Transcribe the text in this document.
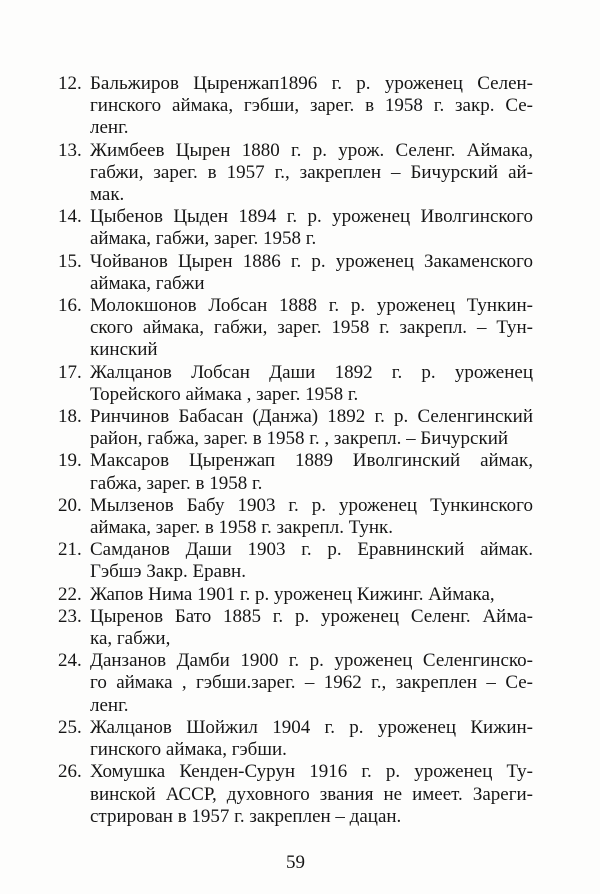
12. Бальжиров Цыренжап1896 г. р. уроженец Селен-
гинского аймака, гэбши, зарег. в 1958 г. закр. Се-
ленг.
13. Жимбеев Цырен 1880 г. р. урож. Селенг. Аймака,
габжи, зарег. в 1957 г., закреплен – Бичурский ай-
мак.
14. Цыбенов Цыден 1894 г. р. уроженец Иволгинского
аймака, габжи, зарег. 1958 г.
15. Чойванов Цырен 1886 г. р. уроженец Закаменского
аймака, габжи
16. Молокшонов Лобсан 1888 г. р. уроженец Тункин-
ского аймака, габжи, зарег. 1958 г. закрепл. – Тун-
кинский
17. Жалцанов Лобсан Даши 1892 г. р. уроженец
Торейского аймака , зарег. 1958 г.
18. Ринчинов Бабасан (Данжа) 1892 г. р. Селенгинский
район, габжа, зарег. в 1958 г. , закрепл. – Бичурский
19. Максаров Цыренжап 1889 Иволгинский аймак,
габжа, зарег. в 1958 г.
20. Мылзенов Бабу 1903 г. р. уроженец Тункинского
аймака, зарег. в 1958 г. закрепл. Тунк.
21. Самданов Даши 1903 г. р. Еравнинский аймак.
Гэбшэ Закр. Еравн.
22. Жапов Нима 1901 г. р. уроженец Кижинг. Аймака,
23. Цыренов Бато 1885 г. р. уроженец Селенг. Айма-
ка, габжи,
24. Данзанов Дамби 1900 г. р. уроженец Селенгинско-
го аймака , гэбши.зарег. – 1962 г., закреплен – Се-
ленг.
25. Жалцанов Шойжил 1904 г. р. уроженец Кижин-
гинского аймака, гэбши.
26. Хомушка Кенден-Сурун 1916 г. р. уроженец Ту-
винской АССР, духовного звания не имеет. Зареги-
стрирован в 1957 г. закреплен – дацан.
59
